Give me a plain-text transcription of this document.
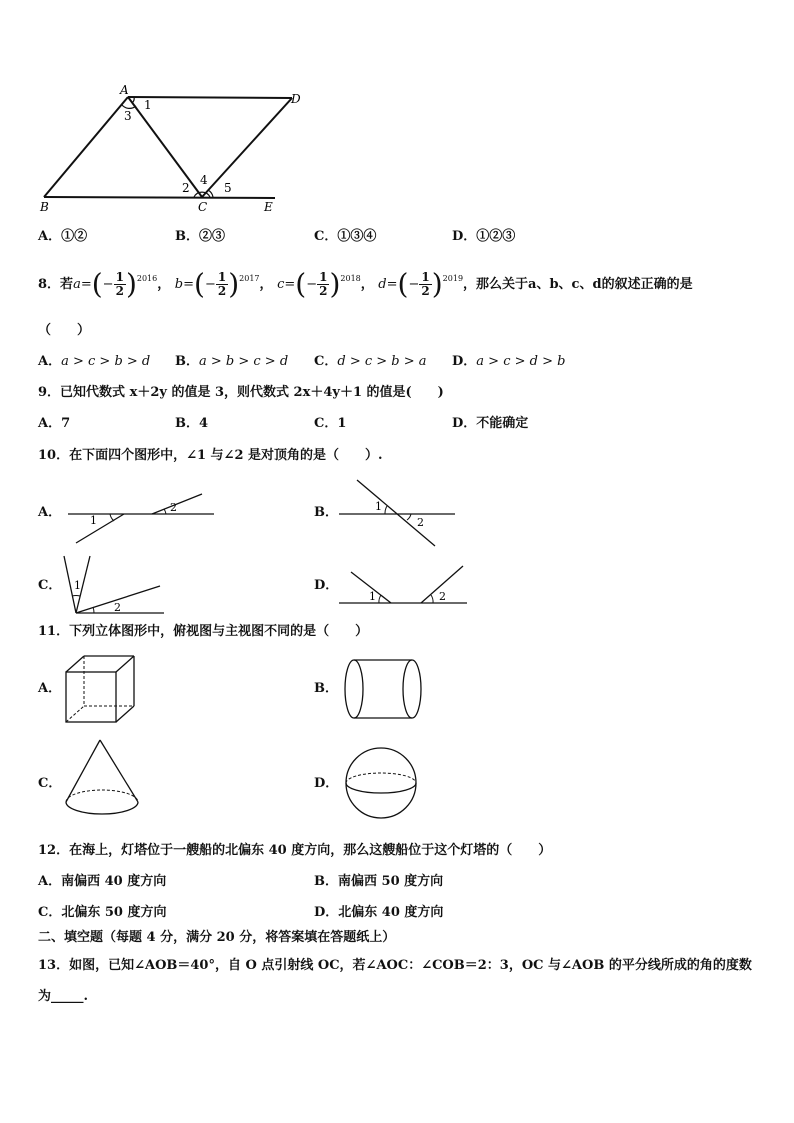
A
D
B	C	E
1
3
2
4
5
A．①②	B．②③	C．①③④	D．①②③
8．若$a=(- \frac{1}{2} )^{2016}$， $b=(- \frac{1}{2} )^{2017}$， $c=(- \frac{1}{2} )^{2018}$， $d=(- \frac{1}{2} )^{2019}$，那么关于a、b、c、d的叙述正确的是
（　　）
A．a > c > b > d B．a > b > c > d C．d > c > b > a D．a > c > d > b
9．已知代数式 x＋2y 的值是 3，则代数式 2x＋4y＋1 的值是(　　)
A．7	B．4	C．1	D．不能确定
10．在下面四个图形中，∠1 与∠2 是对顶角的是（　　）.
A．
1
2	B．	1
2
C． 1
2
D．
1	2
11．下列立体图形中，俯视图与主视图不同的是（　　）
A．	B．
C．	D．
12．在海上，灯塔位于一艘船的北偏东 40 度方向，那么这艘船位于这个灯塔的（　　）
A．南偏西 40 度方向	B．南偏西 50 度方向
C．北偏东 50 度方向	D．北偏东 40 度方向
二、填空题（每题 4 分，满分 20 分，将答案填在答题纸上）
13．如图，已知∠AOB＝40°，自 O 点引射线 OC，若∠AOC：∠COB＝2：3，OC 与∠AOB 的平分线所成的角的度数
为_____.
